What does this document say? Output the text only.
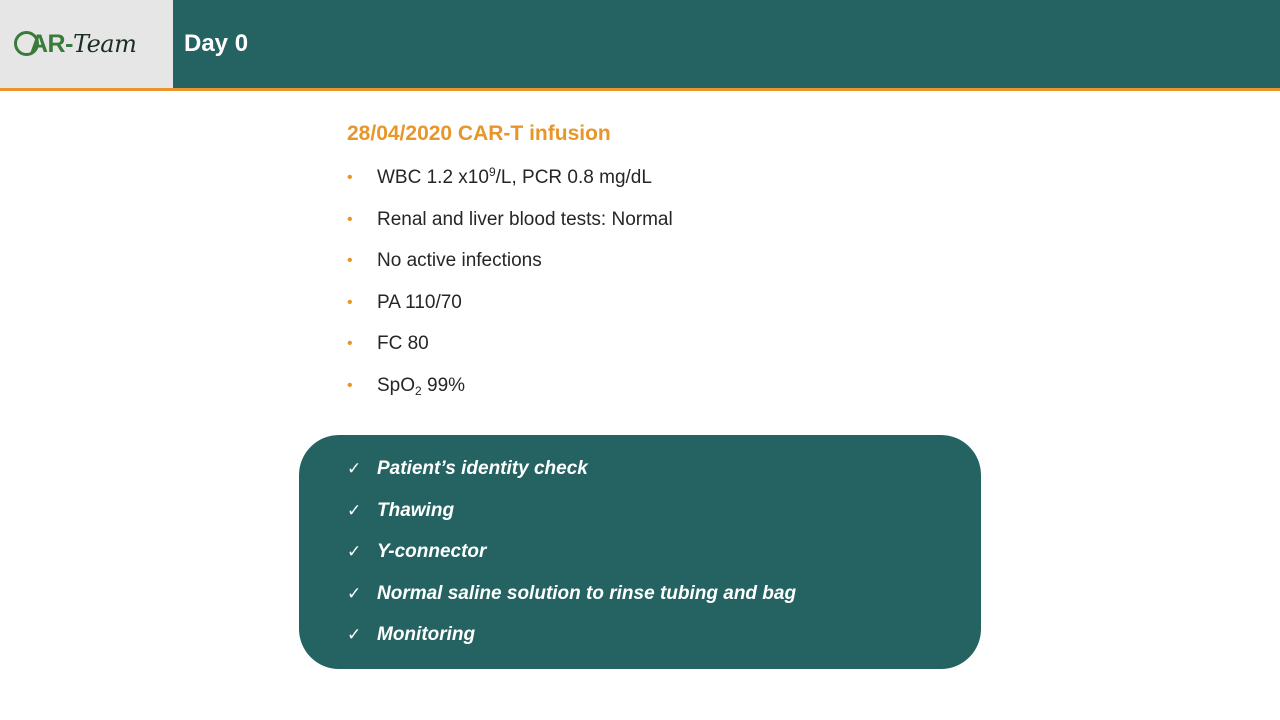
AR - Team Day 0
28/04/2020 CAR-T infusion
• WBC 1.2 $x10^9/L$, PCR 0.8 mg/dL
• Renal and liver blood tests: Normal
• No active infections
• PA 110/70
• FC 80
• SpO$_2$ 99%
✓ Patient’s identity check
✓ Thawing
✓ Y-connector
✓ Normal saline solution to rinse tubing and bag
✓ Monitoring
